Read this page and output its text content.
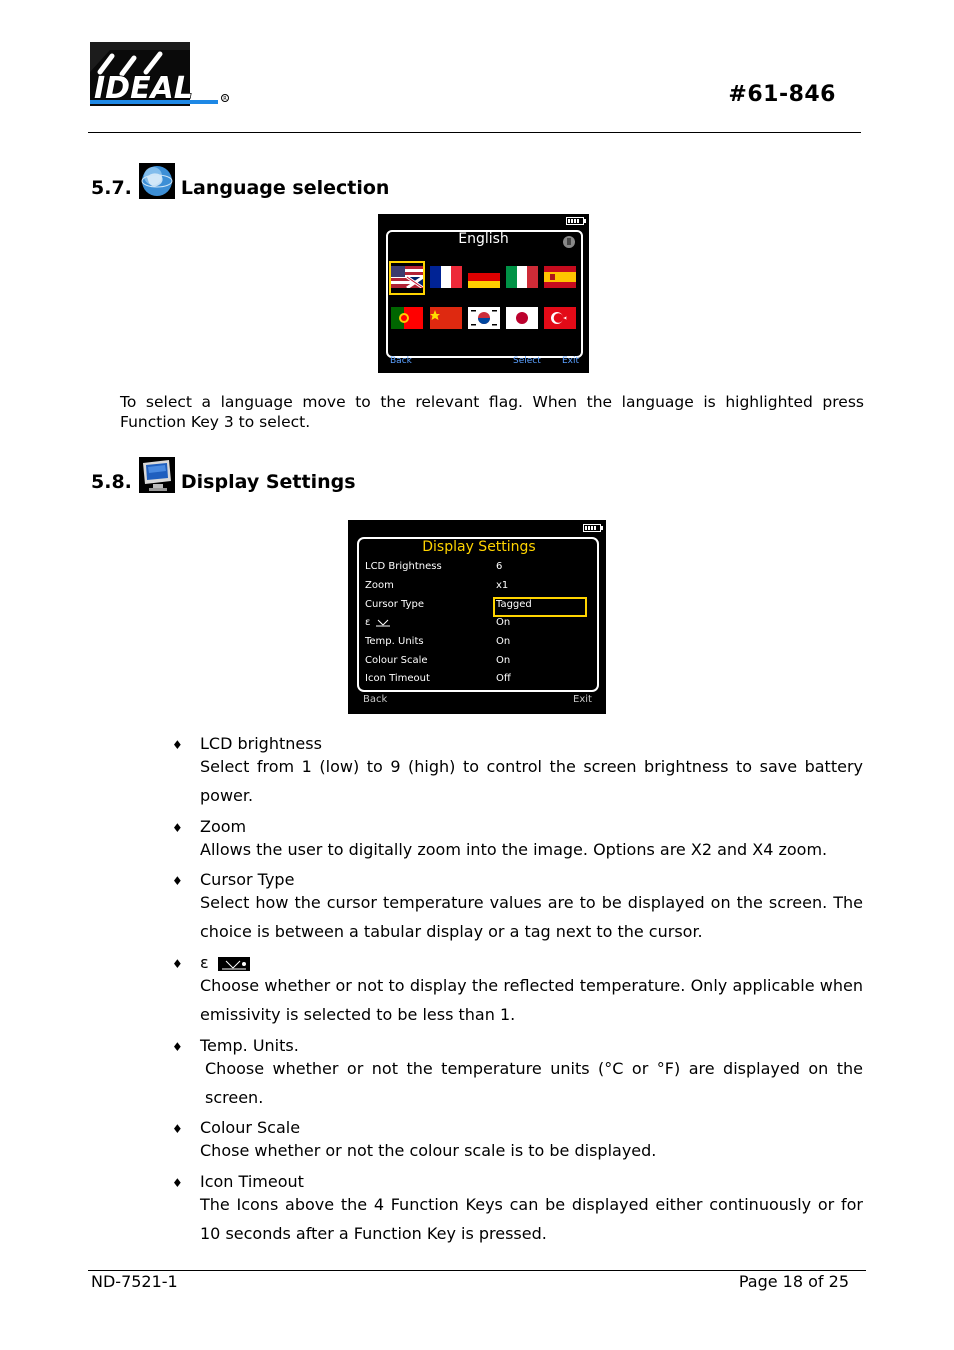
IDEAL	R	#61-846
5.7.	Language selection
English
Back	Select Exit
To select a language move to the relevant flag. When the language is highlighted press Function Key 3 to select.
5.8.	Display Settings
Display Settings
LCD Brightness	6
Zoom	x1
Cursor Type	Tagged
ε	On
Temp. Units	On
Colour Scale	On
Icon Timeout	Off
Back	Exit
♦ LCD brightness
Select from 1 (low) to 9 (high) to control the screen brightness to save battery power.
♦ Zoom
Allows the user to digitally zoom into the image. Options are X2 and X4 zoom.
♦ Cursor Type
Select how the cursor temperature values are to be displayed on the screen. The choice is between a tabular display or a tag next to the cursor.
♦ ε
Choose whether or not to display the reflected temperature. Only applicable when emissivity is selected to be less than 1.
♦ Temp. Units.
Choose whether or not the temperature units (°C or °F) are displayed on the screen.
♦ Colour Scale
Chose whether or not the colour scale is to be displayed.
♦ Icon Timeout
The Icons above the 4 Function Keys can be displayed either continuously or for 10 seconds after a Function Key is pressed.
ND-7521-1	Page 18 of 25
